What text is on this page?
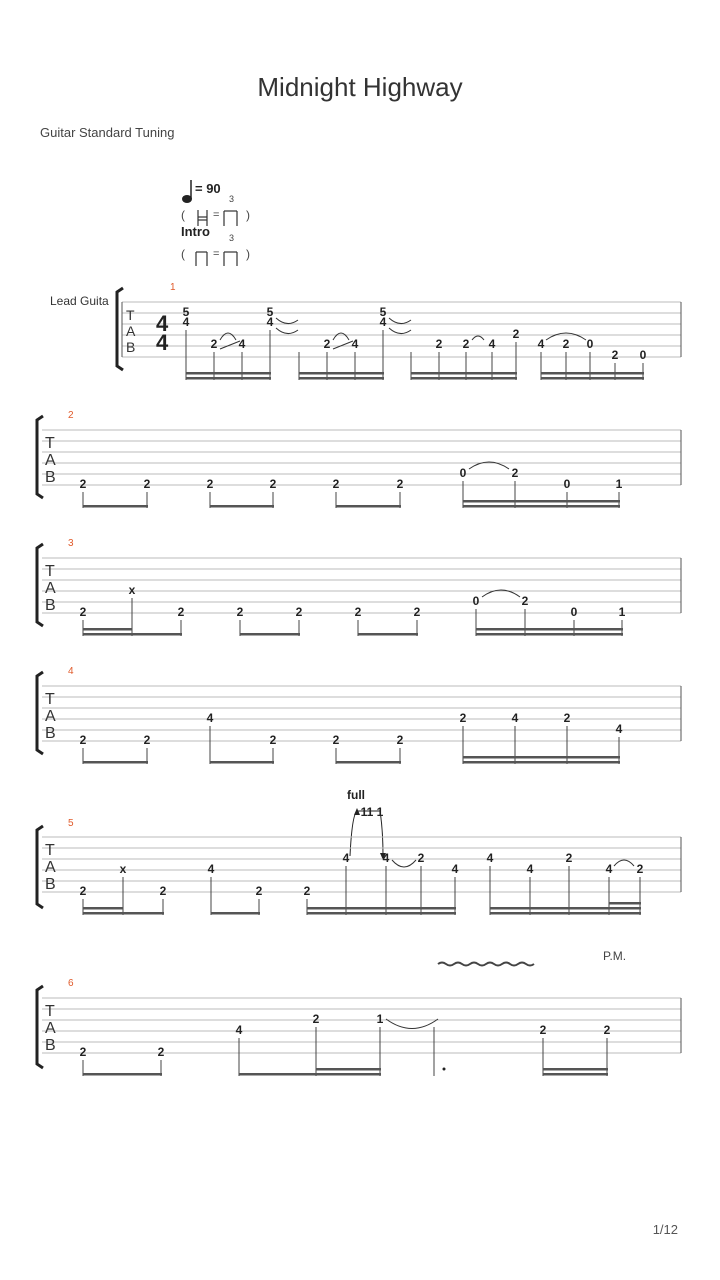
Midnight Highway
Guitar Standard Tuning
1/12
= 90
3
(	= )
Intro 3
(	= )
Lead Guita
T
A
B
4
4
1
5
4
2 4
5
4
2 4
5
4
2 2 4
2
4 2 0
2 0
T
A
B
2
2	2	2	2	2	2
0	2
0	1
T
A
B
3
2
x
2	2	2	2	2
0	2
0	1
T
A
B
4
2	2
4
2	2	2
2	4	2
4
full
11 1
T
A
B
5
2
x
2
4
2	2
4	4 2
4
4
4
2
4 2
P.M.
T
A
B
6
2	2
4
2	1
2	2
